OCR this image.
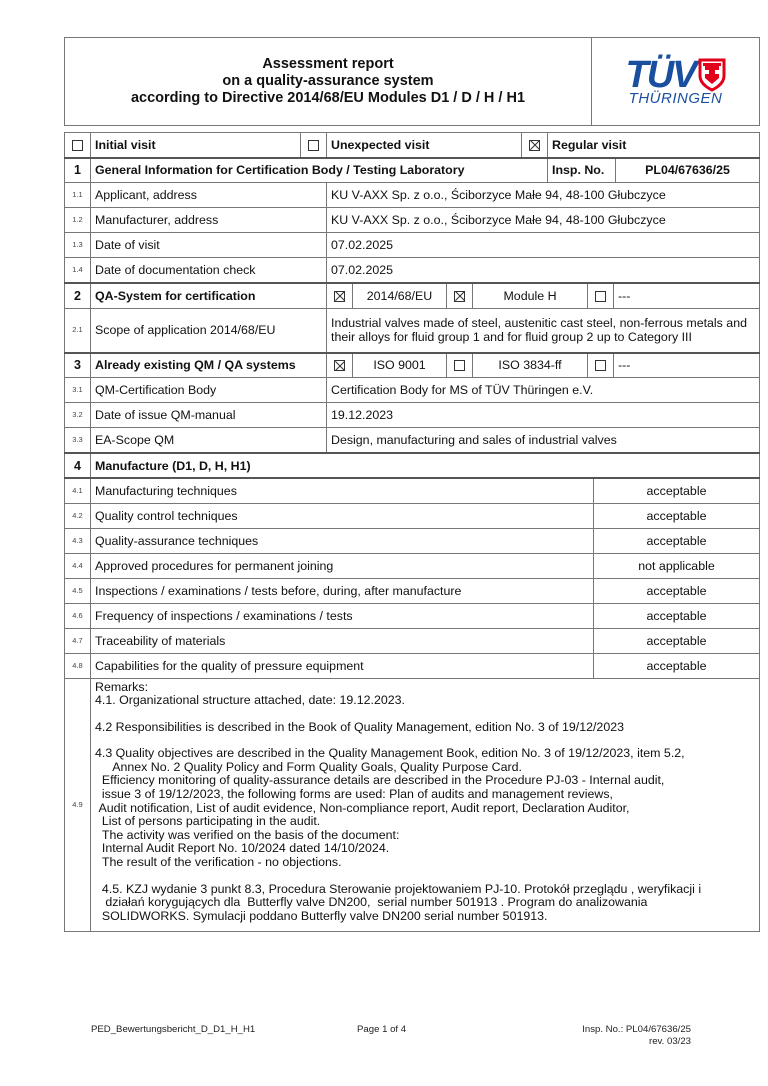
Assessment report
on a quality-assurance system
according to Directive 2014/68/EU Modules D1 / D / H / H1

TÜV
THÜRINGEN
	Initial visit		Unexpected visit		Regular visit	
1	General Information for Certification Body / Testing Laboratory				Insp. No.	PL04/67636/25
1.1	Applicant, address	KU V-AXX Sp. z o.o., Ściborzyce Małe 94, 48-100 Głubczyce
1.2	Manufacturer, address	KU V-AXX Sp. z o.o., Ściborzyce Małe 94, 48-100 Głubczyce
1.3	Date of visit	07.02.2025
1.4	Date of documentation check	07.02.2025
2	QA-System for certification		2014/68/EU		Module H		---
2.1	Scope of application 2014/68/EU	Industrial valves made of steel, austenitic cast steel, non-ferrous metals and their alloys for fluid group 1 and for fluid group 2 up to Category III					
3	Already existing QM / QA systems		ISO 9001		ISO 3834-ff		---
3.1	QM-Certification Body	Certification Body for MS of TÜV Thüringen e.V.					
3.2	Date of issue QM-manual	19.12.2023					
3.3	EA-Scope QM	Design, manufacturing and sales of industrial valves					
4	Manufacture (D1, D, H, H1)	
4.1	Manufacturing techniques	acceptable
4.2	Quality control techniques	acceptable
4.3	Quality-assurance techniques	acceptable
4.4	Approved procedures for permanent joining	not applicable
4.5	Inspections / examinations / tests before, during, after manufacture	acceptable
4.6	Frequency of inspections / examinations / tests	acceptable
4.7	Traceability of materials	acceptable
4.8	Capabilities for the quality of pressure equipment	acceptable
4.9	

Remarks:

4.1. Organizational structure attached, date: 19.12.2023.

4.2 Responsibilities is described in the Book of Quality Management, edition No. 3 of 19/12/2023

4.3 Quality objectives are described in the Quality Management Book, edition No. 3 of 19/12/2023, item 5.2,

Annex No. 2 Quality Policy and Form Quality Goals, Quality Purpose Card.

Efficiency monitoring of quality-assurance details are described in the Procedure PJ-03 - Internal audit,

issue 3 of 19/12/2023, the following forms are used: Plan of audits and management reviews,

Audit notification, List of audit evidence, Non-compliance report, Audit report, Declaration Auditor,

List of persons participating in the audit.

The activity was verified on the basis of the document:

Internal Audit Report No. 10/2024 dated 14/10/2024.

The result of the verification - no objections.

4.5. KZJ wydanie 3 punkt 8.3, Procedura Sterowanie projektowaniem PJ-10. Protokół przeglądu , weryfikacji i

działań korygujących dla  Butterfly valve DN200,  serial number 501913 . Program do analizowania

SOLIDWORKS. Symulacji poddano Butterfly valve DN200 serial number 501913.

PED_Bewertungsbericht_D_D1_H_H1	Page 1 of 4	Insp. No.: PL04/67636/25
rev. 03/23
